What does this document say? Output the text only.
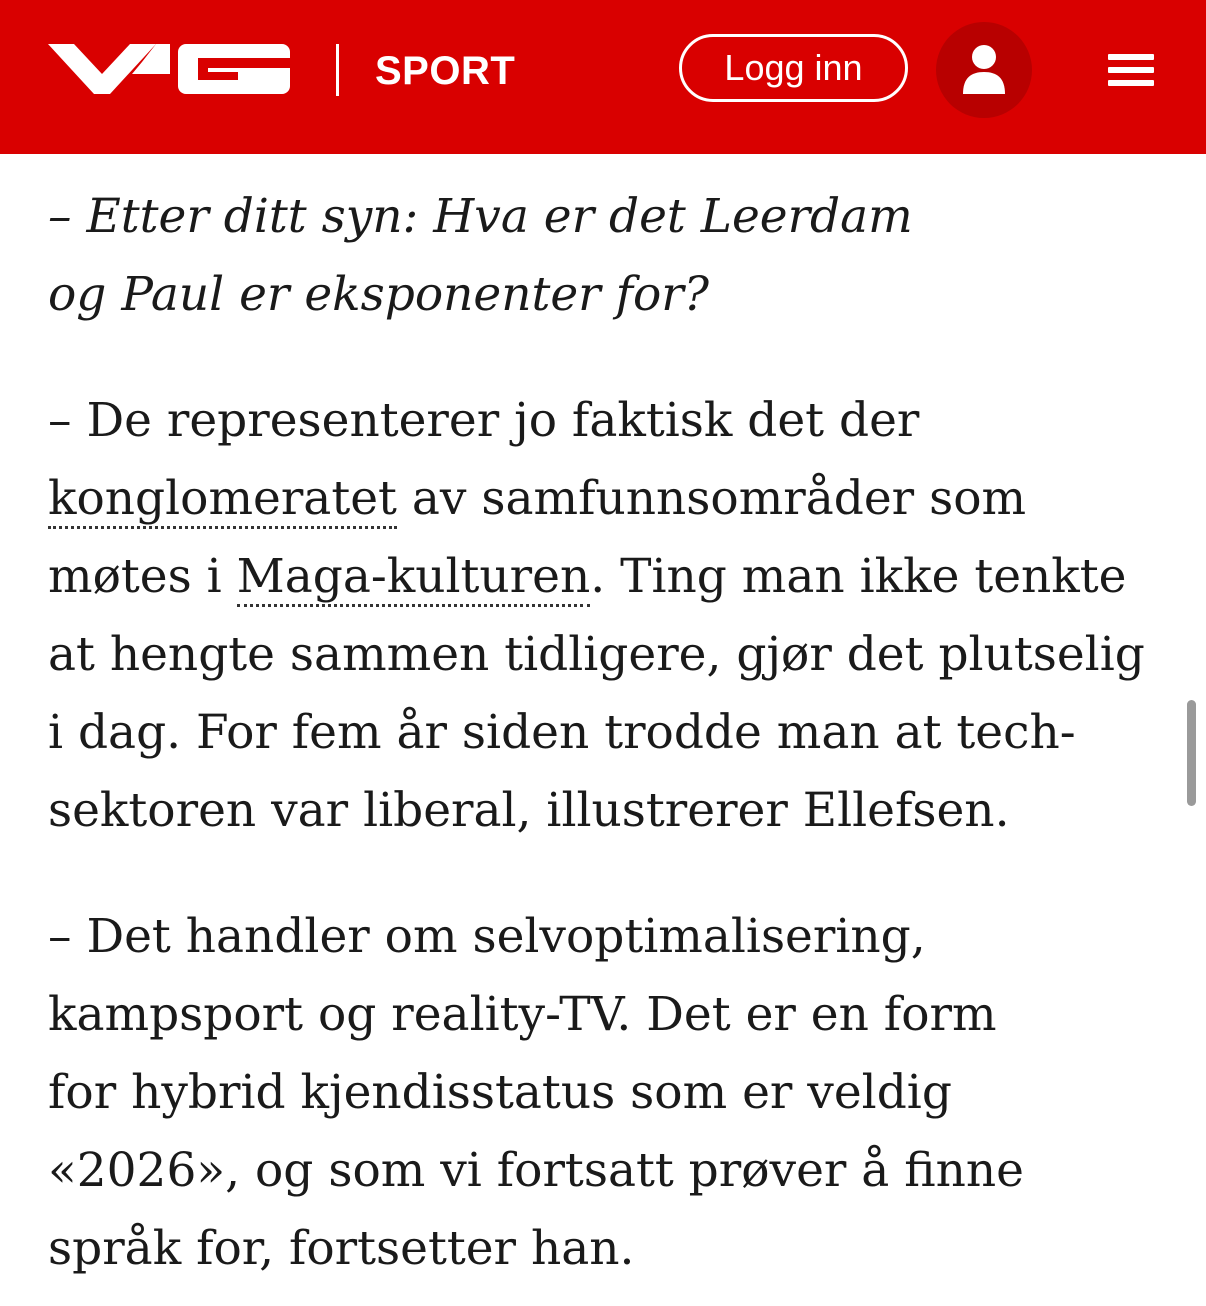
SPORT	Logg inn

– Etter ditt syn: Hva er det Leerdam
og Paul er eksponenter for?

– De representerer jo faktisk det der konglomeratet av samfunnsområder som møtes i Maga-kulturen. Ting man ikke tenkte at hengte sammen tidligere, gjør det plutselig i dag. For fem år siden trodde man at tech-sektoren var liberal, illustrerer Ellefsen.

– Det handler om selvoptimalisering, kampsport og reality-TV. Det er en form for hybrid kjendisstatus som er veldig «2026», og som vi fortsatt prøver å finne språk for, fortsetter han.
